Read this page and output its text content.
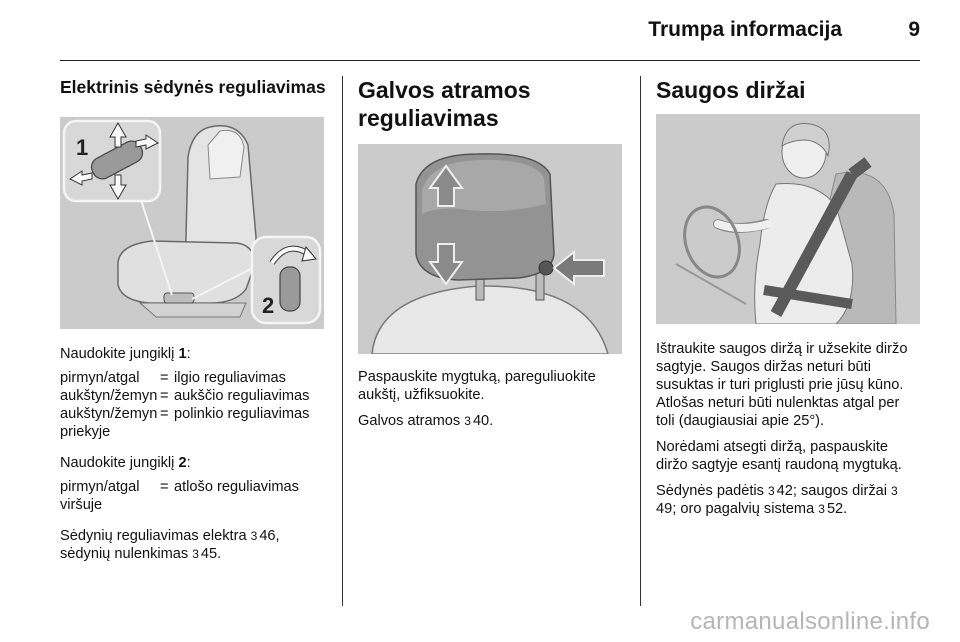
Trumpa informacija	9
Elektrinis sėdynės reguliavimas
1
2

Naudokite jungiklį 1:

pirmyn/atgal	= ilgio reguliavimas
aukštyn/žemyn = aukščio reguliavimas
aukštyn/žemyn priekyje
= polinkio reguliavimas

Naudokite jungiklį 2:

pirmyn/atgal viršuje
= atlošo reguliavimas

Sėdynių reguliavimas elektra 3 46,
sėdynių nulenkimas 3 45.

Galvos atramos
reguliavimas

Paspauskite mygtuką, pareguliuokite aukštį, užfiksuokite.

Galvos atramos 3 40.

Saugos diržai

Ištraukite saugos diržą ir užsekite diržo sagtyje. Saugos diržas neturi būti susuktas ir turi priglusti prie jūsų kūno. Atlošas neturi būti nulenktas atgal per toli (daugiausiai apie 25°).

Norėdami atsegti diržą, paspauskite diržo sagtyje esantį raudoną mygtuką.

Sėdynės padėtis 3 42; saugos diržai 349; oro pagalvių sistema 3 52.

carmanualsonline.info
